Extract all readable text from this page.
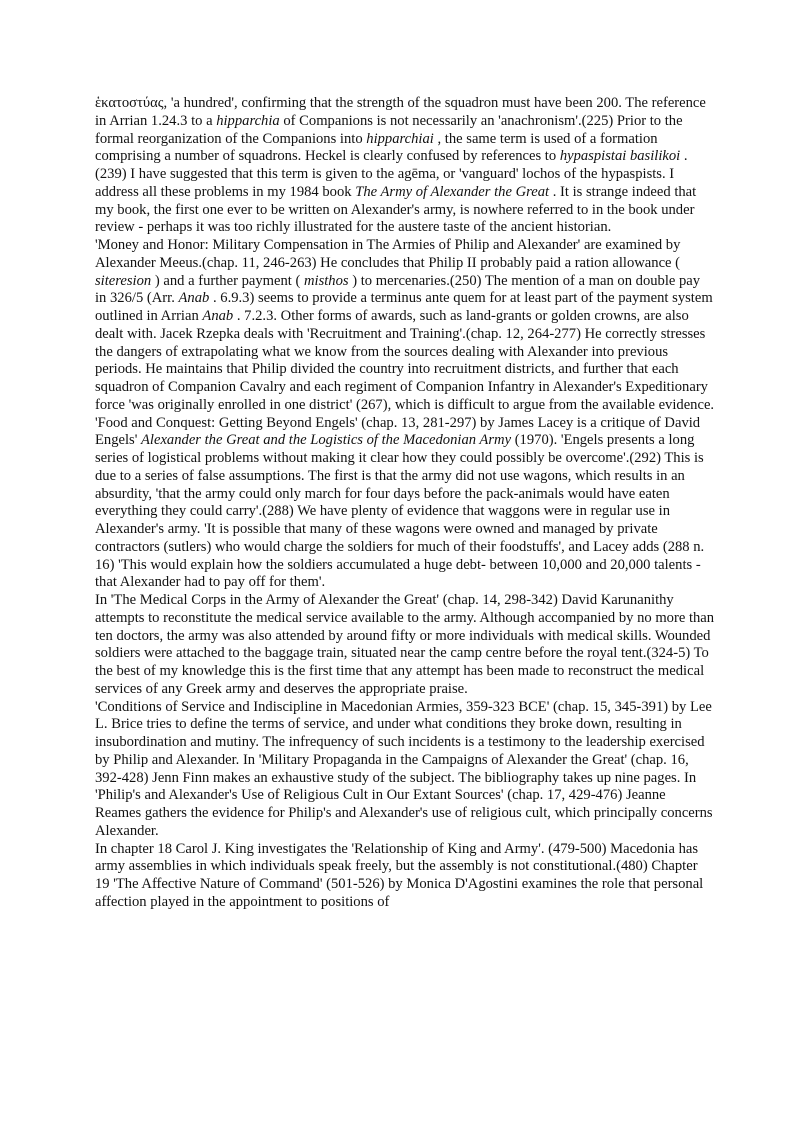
ἑκατοστύας, 'a hundred', confirming that the strength of the squadron must have been 200. The reference in Arrian 1.24.3 to a hipparchia of Companions is not necessarily an 'anachronism'.(225) Prior to the formal reorganization of the Companions into hipparchiai , the same term is used of a formation comprising a number of squadrons. Heckel is clearly confused by references to hypaspistai basilikoi .(239) I have suggested that this term is given to the agēma, or 'vanguard' lochos of the hypaspists. I address all these problems in my 1984 book The Army of Alexander the Great . It is strange indeed that my book, the first one ever to be written on Alexander's army, is nowhere referred to in the book under review - perhaps it was too richly illustrated for the austere taste of the ancient historian.

'Money and Honor: Military Compensation in The Armies of Philip and Alexander' are examined by Alexander Meeus.(chap. 11, 246-263) He concludes that Philip II probably paid a ration allowance ( siteresion ) and a further payment ( misthos ) to mercenaries.(250) The mention of a man on double pay in 326/5 (Arr. Anab . 6.9.3) seems to provide a terminus ante quem for at least part of the payment system outlined in Arrian Anab . 7.2.3. Other forms of awards, such as land-grants or golden crowns, are also dealt with. Jacek Rzepka deals with 'Recruitment and Training'.(chap. 12, 264-277) He correctly stresses the dangers of extrapolating what we know from the sources dealing with Alexander into previous periods. He maintains that Philip divided the country into recruitment districts, and further that each squadron of Companion Cavalry and each regiment of Companion Infantry in Alexander's Expeditionary force 'was originally enrolled in one district' (267), which is difficult to argue from the available evidence.

'Food and Conquest: Getting Beyond Engels' (chap. 13, 281-297) by James Lacey is a critique of David Engels' Alexander the Great and the Logistics of the Macedonian Army (1970). 'Engels presents a long series of logistical problems without making it clear how they could possibly be overcome'.(292) This is due to a series of false assumptions. The first is that the army did not use wagons, which results in an absurdity, 'that the army could only march for four days before the pack-animals would have eaten everything they could carry'.(288) We have plenty of evidence that waggons were in regular use in Alexander's army. 'It is possible that many of these wagons were owned and managed by private contractors (sutlers) who would charge the soldiers for much of their foodstuffs', and Lacey adds (288 n. 16) 'This would explain how the soldiers accumulated a huge debt- between 10,000 and 20,000 talents - that Alexander had to pay off for them'.

In 'The Medical Corps in the Army of Alexander the Great' (chap. 14, 298-342) David Karunanithy attempts to reconstitute the medical service available to the army. Although accompanied by no more than ten doctors, the army was also attended by around fifty or more individuals with medical skills. Wounded soldiers were attached to the baggage train, situated near the camp centre before the royal tent.(324-5) To the best of my knowledge this is the first time that any attempt has been made to reconstruct the medical services of any Greek army and deserves the appropriate praise.

'Conditions of Service and Indiscipline in Macedonian Armies, 359-323 BCE' (chap. 15, 345-391) by Lee L. Brice tries to define the terms of service, and under what conditions they broke down, resulting in insubordination and mutiny. The infrequency of such incidents is a testimony to the leadership exercised by Philip and Alexander. In 'Military Propaganda in the Campaigns of Alexander the Great' (chap. 16, 392-428) Jenn Finn makes an exhaustive study of the subject. The bibliography takes up nine pages. In 'Philip's and Alexander's Use of Religious Cult in Our Extant Sources' (chap. 17, 429-476) Jeanne Reames gathers the evidence for Philip's and Alexander's use of religious cult, which principally concerns Alexander.

In chapter 18 Carol J. King investigates the 'Relationship of King and Army'. (479-500) Macedonia has army assemblies in which individuals speak freely, but the assembly is not constitutional.(480) Chapter 19 'The Affective Nature of Command' (501-526) by Monica D'Agostini examines the role that personal affection played in the appointment to positions of
